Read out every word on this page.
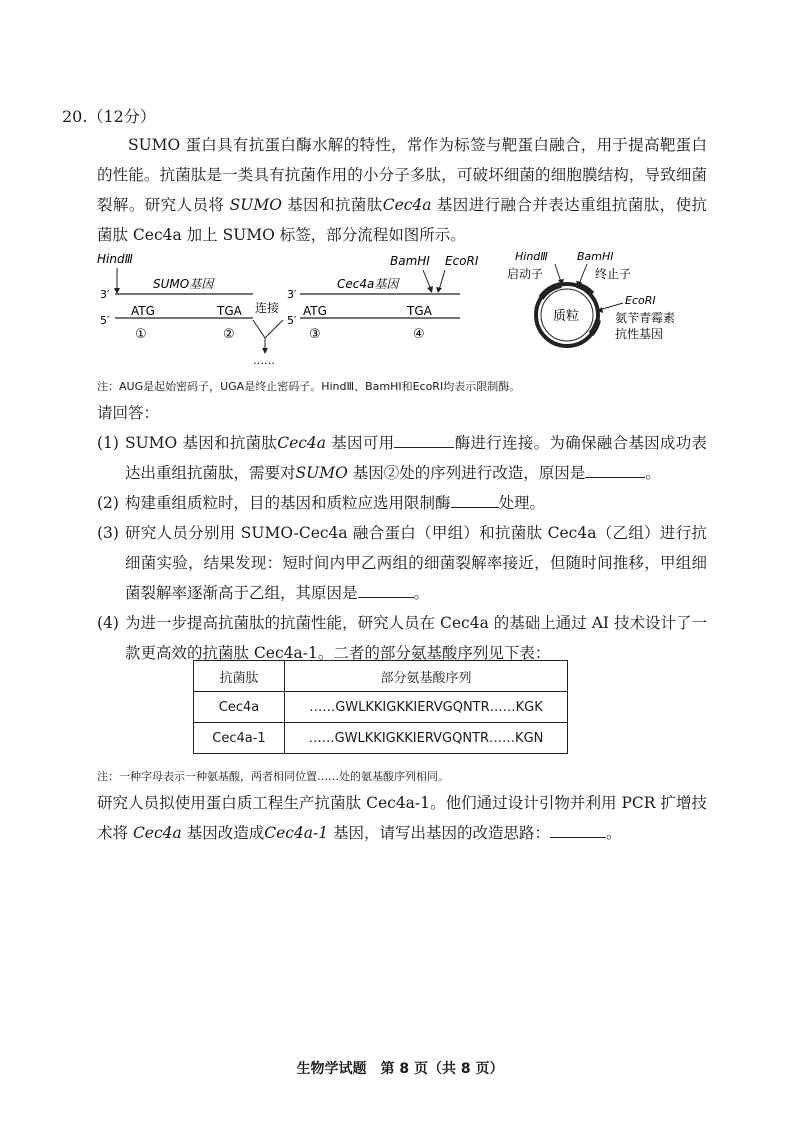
20.（12分）
SUMO 蛋白具有抗蛋白酶水解的特性，常作为标签与靶蛋白融合，用于提高靶蛋白的性能。抗菌肽是一类具有抗菌作用的小分子多肽，可破坏细菌的细胞膜结构，导致细菌裂解。研究人员将 SUMO 基因和抗菌肽Cec4a 基因进行融合并表达重组抗菌肽，使抗菌肽 Cec4a 加上 SUMO 标签，部分流程如图所示。
HindⅢ
SUMO基因
3′
5′
ATG	TGA
①	②
连接
……
BamHⅠ EcoRⅠ
Cec4a基因
3′
5′
ATG	TGA
③	④
质粒
HindⅢ	BamHⅠ
启动子	终止子
EcoRⅠ
氨苄青霉素
抗性基因
注：AUG是起始密码子，UGA是终止密码子。HindⅢ、BamHⅠ和EcoRⅠ均表示限制酶。
请回答：
(1) SUMO 基因和抗菌肽Cec4a 基因可用	酶进行连接。为确保融合基因成功表达出重组抗菌肽，需要对SUMO 基因②处的序列进行改造，原因是	。
(2) 构建重组质粒时，目的基因和质粒应选用限制酶	处理。
(3) 研究人员分别用 SUMO-Cec4a 融合蛋白（甲组）和抗菌肽 Cec4a（乙组）进行抗细菌实验，结果发现：短时间内甲乙两组的细菌裂解率接近，但随时间推移，甲组细菌裂解率逐渐高于乙组，其原因是	。
(4) 为进一步提高抗菌肽的抗菌性能，研究人员在 Cec4a 的基础上通过 AI 技术设计了一款更高效的抗菌肽 Cec4a-1。二者的部分氨基酸序列见下表：
抗菌肽	部分氨基酸序列
Cec4a	……GWLKKIGKKIERVGQNTR……KGK
Cec4a-1	……GWLKKIGKKIERVGQNTR……KGN
注：一种字母表示一种氨基酸，两者相同位置……处的氨基酸序列相同。
研究人员拟使用蛋白质工程生产抗菌肽 Cec4a-1。他们通过设计引物并利用 PCR 扩增技术将 Cec4a 基因改造成Cec4a-1 基因，请写出基因的改造思路：	。
生物学试题　第 8 页（共 8 页）
